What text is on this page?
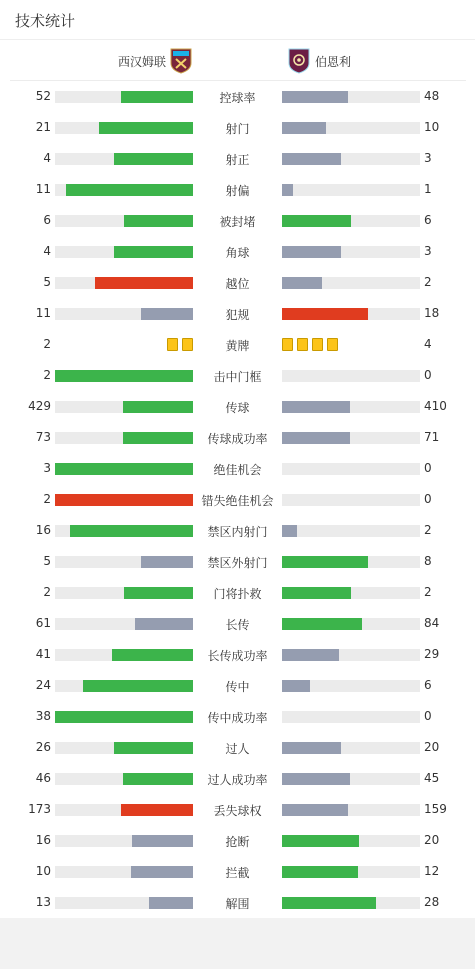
技术统计
西汉姆联	伯恩利
52	控球率	48
21	射门	10
4	射正	3
11	射偏	1
6	被封堵	6
4	角球	3
5	越位	2
11	犯规	18
2	黄牌	4
2	击中门框	0
429	传球	410
73	传球成功率	71
3	绝佳机会	0
2	错失绝佳机会	0
16	禁区内射门	2
5	禁区外射门	8
2	门将扑救	2
61	长传	84
41	长传成功率	29
24	传中	6
38	传中成功率	0
26	过人	20
46	过人成功率	45
173	丢失球权	159
16	抢断	20
10	拦截	12
13	解围	28
